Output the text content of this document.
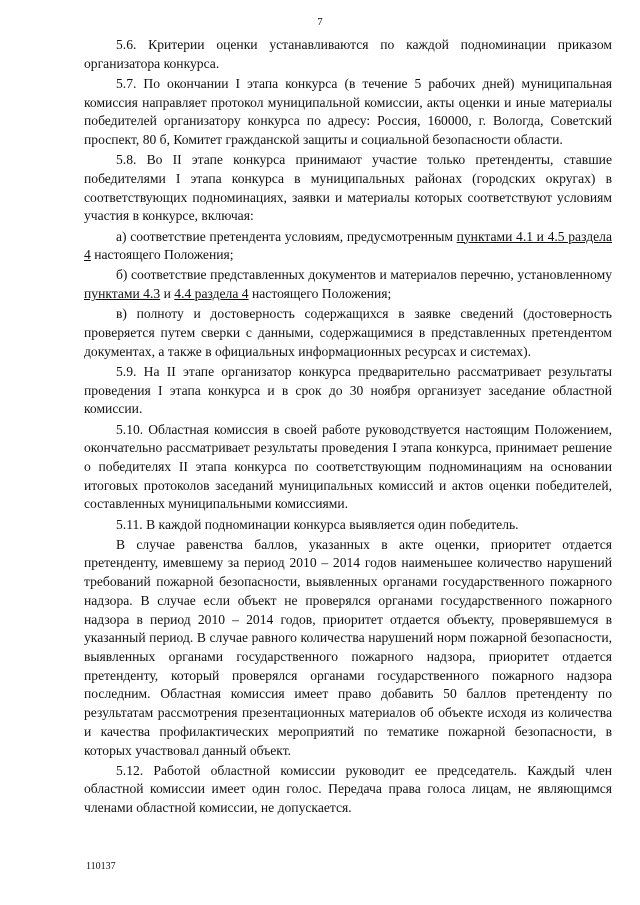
7

5.6. Критерии оценки устанавливаются по каждой подноминации приказом организатора конкурса.

5.7. По окончании I этапа конкурса (в течение 5 рабочих дней) муниципальная комиссия направляет протокол муниципальной комиссии, акты оценки и иные материалы победителей организатору конкурса по адресу: Россия, 160000, г. Вологда, Советский проспект, 80 б, Комитет гражданской защиты и социальной безопасности области.

5.8. Во II этапе конкурса принимают участие только претенденты, ставшие победителями I этапа конкурса в муниципальных районах (городских округах) в соответствующих подноминациях, заявки и материалы которых соответствуют условиям участия в конкурсе, включая:

а) соответствие претендента условиям, предусмотренным пунктами 4.1 и 4.5 раздела 4 настоящего Положения;

б) соответствие представленных документов и материалов перечню, установленному пунктами 4.3 и 4.4 раздела 4 настоящего Положения;

в) полноту и достоверность содержащихся в заявке сведений (достоверность проверяется путем сверки с данными, содержащимися в представленных претендентом документах, а также в официальных информационных ресурсах и системах).

5.9. На II этапе организатор конкурса предварительно рассматривает результаты проведения I этапа конкурса и в срок до 30 ноября организует заседание областной комиссии.

5.10. Областная комиссия в своей работе руководствуется настоящим Положением, окончательно рассматривает результаты проведения I этапа конкурса, принимает решение о победителях II этапа конкурса по соответствующим подноминациям на основании итоговых протоколов заседаний муниципальных комиссий и актов оценки победителей, составленных муниципальными комиссиями.

5.11. В каждой подноминации конкурса выявляется один победитель.

В случае равенства баллов, указанных в акте оценки, приоритет отдается претенденту, имевшему за период 2010 – 2014 годов наименьшее количество нарушений требований пожарной безопасности, выявленных органами государственного пожарного надзора. В случае если объект не проверялся органами государственного пожарного надзора в период 2010 – 2014 годов, приоритет отдается объекту, проверявшемуся в указанный период. В случае равного количества нарушений норм пожарной безопасности, выявленных органами государственного пожарного надзора, приоритет отдается претенденту, который проверялся органами государственного пожарного надзора последним. Областная комиссия имеет право добавить 50 баллов претенденту по результатам рассмотрения презентационных материалов об объекте исходя из количества и качества профилактических мероприятий по тематике пожарной безопасности, в которых участвовал данный объект.

5.12. Работой областной комиссии руководит ее председатель. Каждый член областной комиссии имеет один голос. Передача права голоса лицам, не являющимся членами областной комиссии, не допускается.

110137
